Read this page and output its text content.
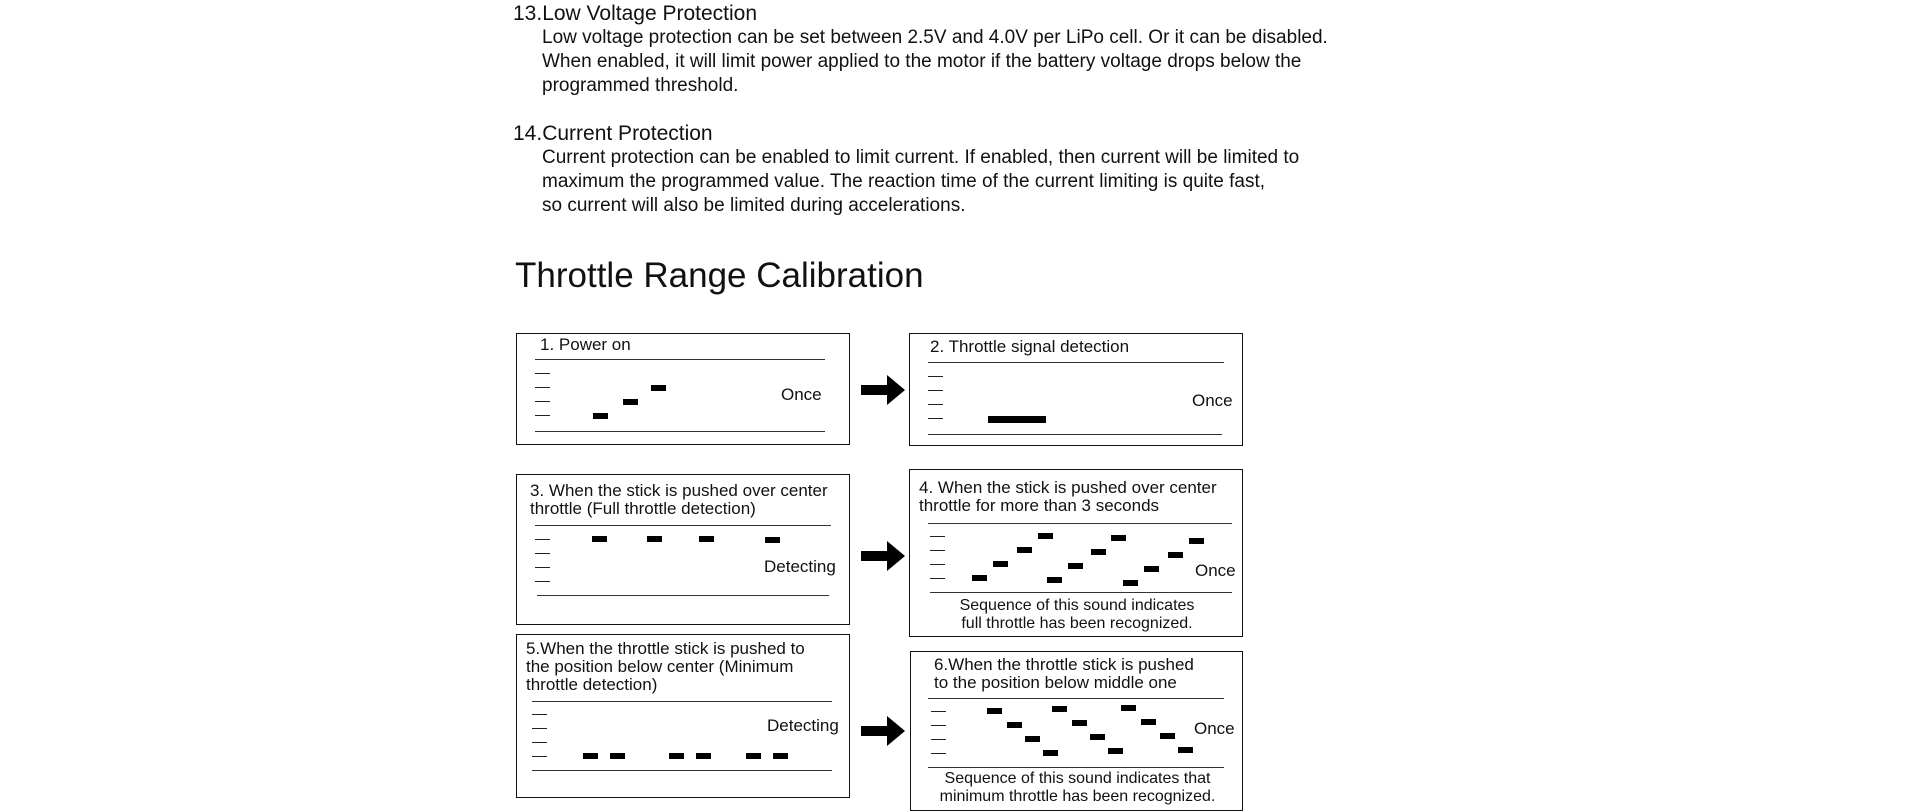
13.Low Voltage Protection
Low voltage protection can be set between 2.5V and 4.0V per LiPo cell. Or it can be disabled.
When enabled, it will limit power applied to the motor if the battery voltage drops below the
programmed threshold.
14.Current Protection
Current protection can be enabled to limit current. If enabled, then current will be limited to
maximum the programmed value. The reaction time of the current limiting is quite fast,
so current will also be limited during accelerations.
Throttle Range Calibration
1. Power on
Once
2. Throttle signal detection
Once
3. When the stick is pushed over center
throttle (Full throttle detection)
Detecting
4. When the stick is pushed over center
throttle for more than 3 seconds
Once
Sequence of this sound indicates
full throttle has been recognized.
5.When the throttle stick is pushed to
the position below center (Minimum
throttle detection)
Detecting
6.When the throttle stick is pushed
to the position below middle one
Once
Sequence of this sound indicates that
minimum throttle has been recognized.
